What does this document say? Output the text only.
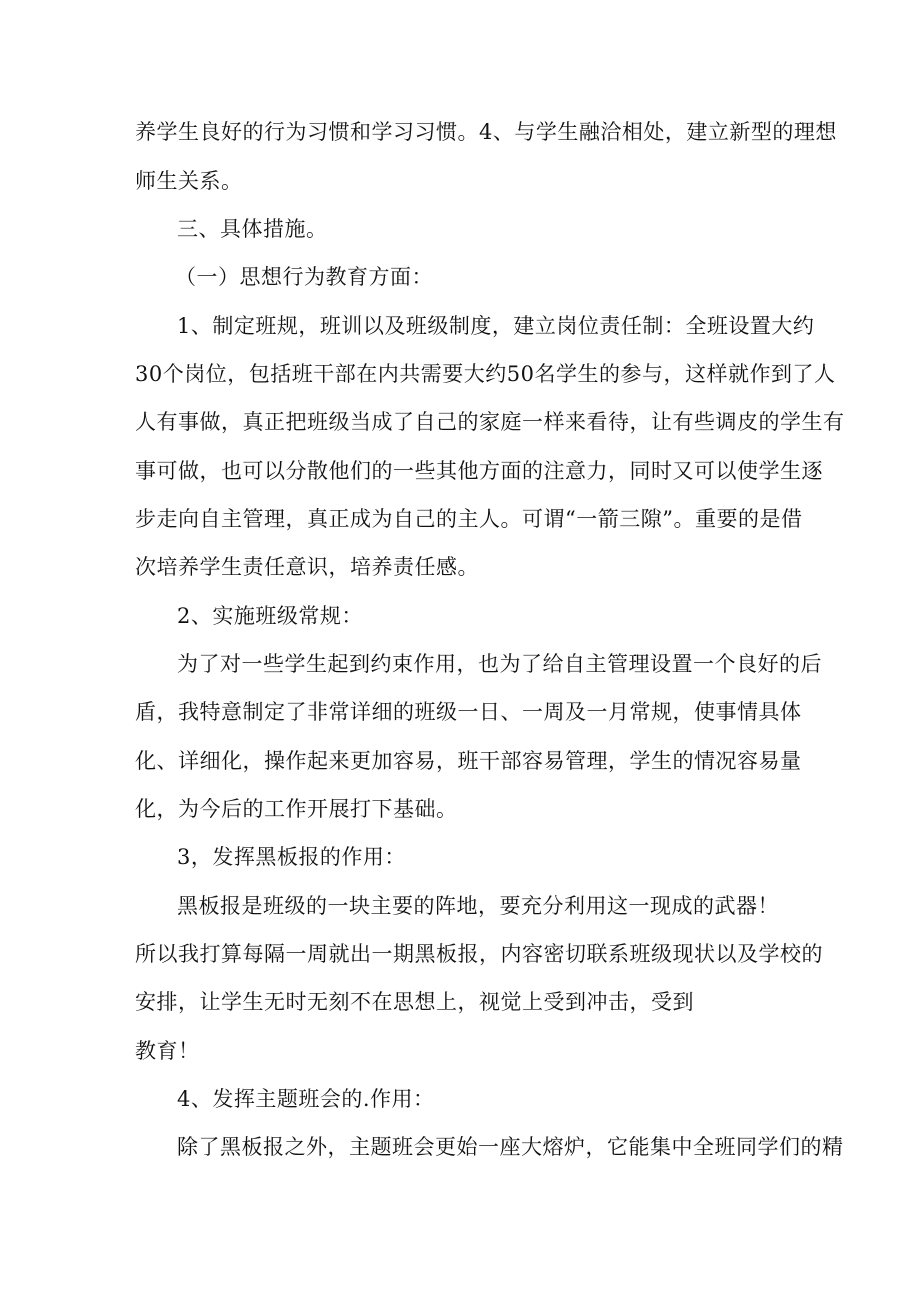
养学生良好的行为习惯和学习习惯。4、与学生融洽相处，建立新型的理想
师生关系。
三、具体措施。
（一）思想行为教育方面：
1、制定班规，班训以及班级制度，建立岗位责任制：全班设置大约
30个岗位，包括班干部在内共需要大约50名学生的参与，这样就作到了人
人有事做，真正把班级当成了自己的家庭一样来看待，让有些调皮的学生有
事可做，也可以分散他们的一些其他方面的注意力，同时又可以使学生逐
步走向自主管理，真正成为自己的主人。可谓“一箭三隙”。重要的是借
次培养学生责任意识，培养责任感。
2、实施班级常规：
为了对一些学生起到约束作用，也为了给自主管理设置一个良好的后
盾，我特意制定了非常详细的班级一日、一周及一月常规，使事情具体
化、详细化，操作起来更加容易，班干部容易管理，学生的情况容易量
化，为今后的工作开展打下基础。
3，发挥黑板报的作用：
黑板报是班级的一块主要的阵地，要充分利用这一现成的武器！
所以我打算每隔一周就出一期黑板报，内容密切联系班级现状以及学校的
安排，让学生无时无刻不在思想上，视觉上受到冲击，受到
教育！
4、发挥主题班会的.作用：
除了黑板报之外，主题班会更始一座大熔炉，它能集中全班同学们的精
